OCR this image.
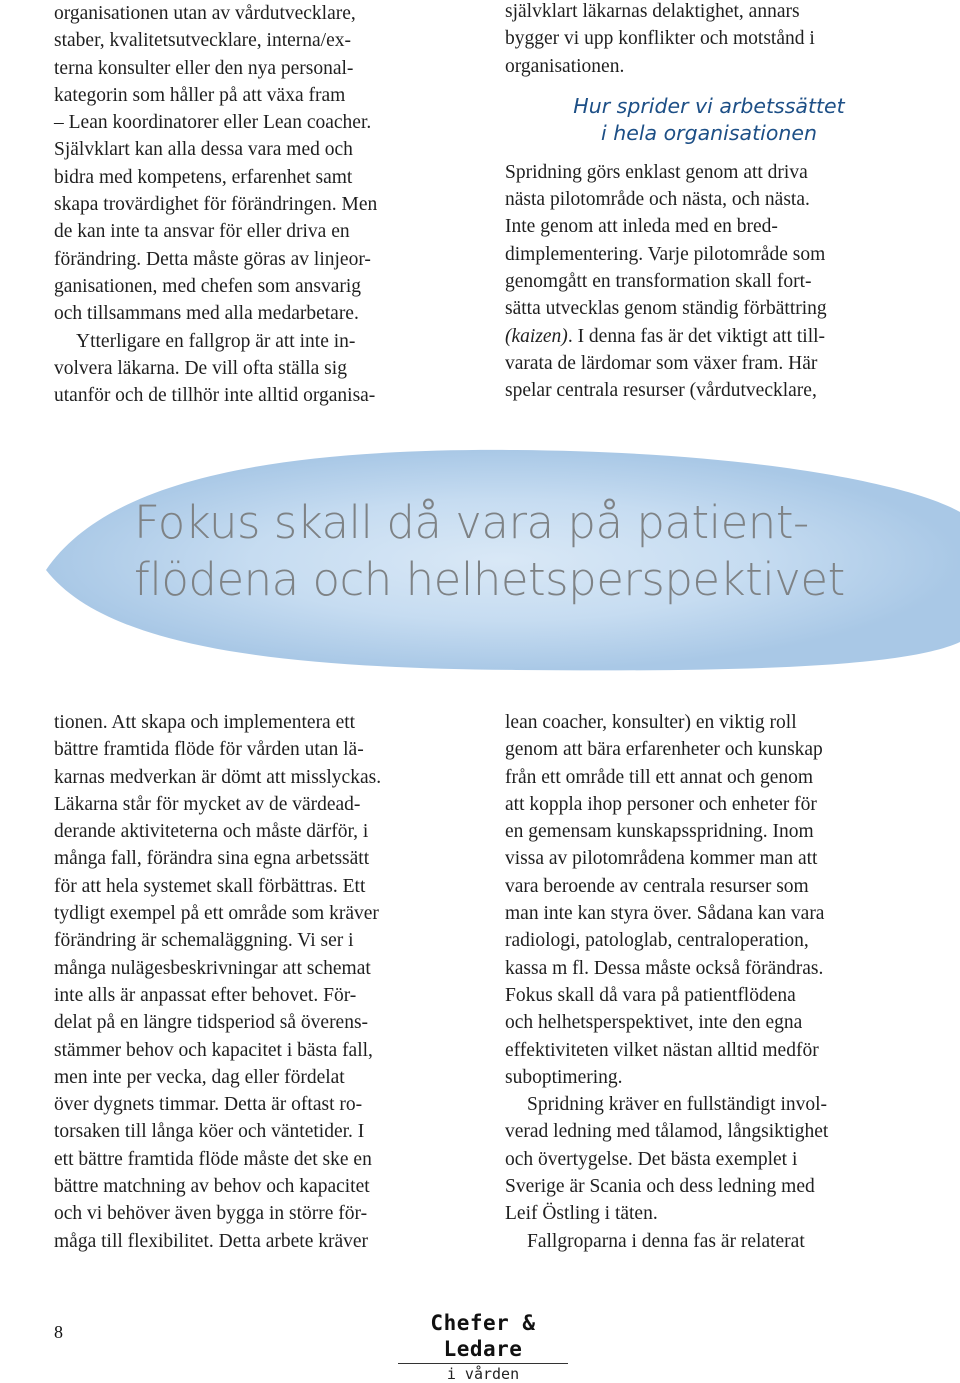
organisationen utan av vårdutvecklare,
staber, kvalitetsutvecklare, interna/ex-
terna konsulter eller den nya personal-
kategorin som håller på att växa fram
– Lean koordinatorer eller Lean coacher.
Självklart kan alla dessa vara med och
bidra med kompetens, erfarenhet samt
skapa trovärdighet för förändringen. Men
de kan inte ta ansvar för eller driva en
förändring. Detta måste göras av linjeor-
ganisationen, med chefen som ansvarig
och tillsammans med alla medarbetare.
Ytterligare en fallgrop är att inte in-
volvera läkarna. De vill ofta ställa sig
utanför och de tillhör inte alltid organisa-
självklart läkarnas delaktighet, annars
bygger vi upp konflikter och motstånd i
organisationen.
Hur sprider vi arbetssättet
i hela organisationen
Spridning görs enklast genom att driva
nästa pilotområde och nästa, och nästa.
Inte genom att inleda med en bred-
dimplementering. Varje pilotområde som
genomgått en transformation skall fort-
sätta utvecklas genom ständig förbättring
(kaizen). I denna fas är det viktigt att till-
varata de lärdomar som växer fram. Här
spelar centrala resurser (vårdutvecklare,
Fokus skall då vara på patient-
flödena och helhetsperspektivet
tionen. Att skapa och implementera ett
bättre framtida flöde för vården utan lä-
karnas medverkan är dömt att misslyckas.
Läkarna står för mycket av de värdead-
derande aktiviteterna och måste därför, i
många fall, förändra sina egna arbetssätt
för att hela systemet skall förbättras. Ett
tydligt exempel på ett område som kräver
förändring är schemaläggning. Vi ser i
många nulägesbeskrivningar att schemat
inte alls är anpassat efter behovet. För-
delat på en längre tidsperiod så överens-
stämmer behov och kapacitet i bästa fall,
men inte per vecka, dag eller fördelat
över dygnets timmar. Detta är oftast ro-
torsaken till långa köer och väntetider. I
ett bättre framtida flöde måste det ske en
bättre matchning av behov och kapacitet
och vi behöver även bygga in större för-
måga till flexibilitet. Detta arbete kräver
lean coacher, konsulter) en viktig roll
genom att bära erfarenheter och kunskap
från ett område till ett annat och genom
att koppla ihop personer och enheter för
en gemensam kunskapsspridning. Inom
vissa av pilotområdena kommer man att
vara beroende av centrala resurser som
man inte kan styra över. Sådana kan vara
radiologi, patologlab, centraloperation,
kassa m fl. Dessa måste också förändras.
Fokus skall då vara på patientflödena
och helhetsperspektivet, inte den egna
effektiviteten vilket nästan alltid medför
suboptimering.
Spridning kräver en fullständigt invol-
verad ledning med tålamod, långsiktighet
och övertygelse. Det bästa exemplet i
Sverige är Scania och dess ledning med
Leif Östling i täten.
Fallgroparna i denna fas är relaterat
8	Chefer & Ledare
i vården
